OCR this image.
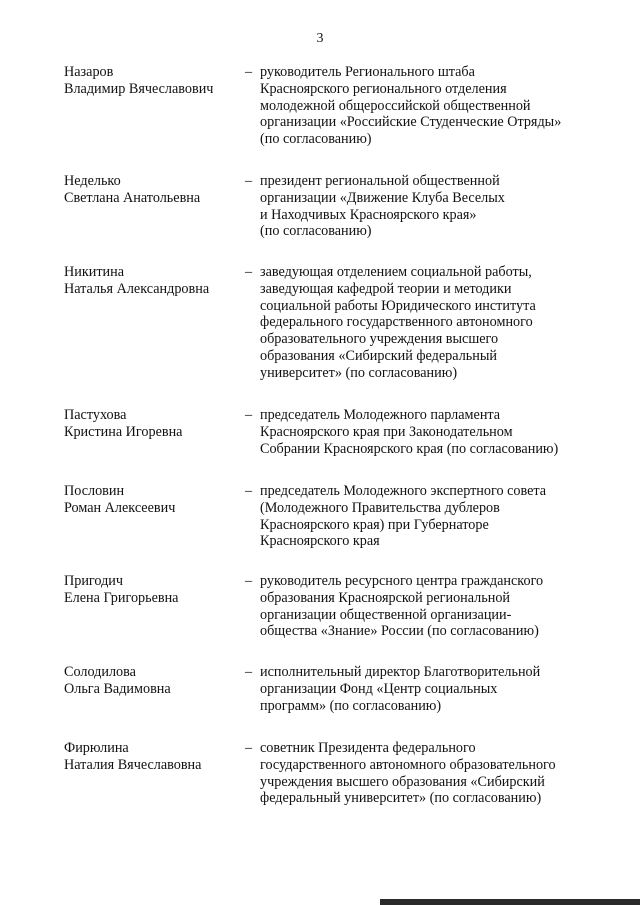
3
Назаров
Владимир Вячеславович
– руководитель Регионального штаба
Красноярского регионального отделения
молодежной общероссийской общественной
организации «Российские Студенческие Отряды»
(по согласованию)
Неделько
Светлана Анатольевна
– президент региональной общественной
организации «Движение Клуба Веселых
и Находчивых Красноярского края»
(по согласованию)
Никитина
Наталья Александровна
– заведующая отделением социальной работы,
заведующая кафедрой теории и методики
социальной работы Юридического института
федерального государственного автономного
образовательного учреждения высшего
образования «Сибирский федеральный
университет» (по согласованию)
Пастухова
Кристина Игоревна
– председатель Молодежного парламента
Красноярского края при Законодательном
Собрании Красноярского края (по согласованию)
Пословин
Роман Алексеевич
– председатель Молодежного экспертного совета
(Молодежного Правительства дублеров
Красноярского края) при Губернаторе
Красноярского края
Пригодич
Елена Григорьевна
– руководитель ресурсного центра гражданского
образования Красноярской региональной
организации общественной организации-
общества «Знание» России (по согласованию)
Солодилова
Ольга Вадимовна
– исполнительный директор Благотворительной
организации Фонд «Центр социальных
программ» (по согласованию)
Фирюлина
Наталия Вячеславовна
– советник Президента федерального
государственного автономного образовательного
учреждения высшего образования «Сибирский
федеральный университет» (по согласованию)
